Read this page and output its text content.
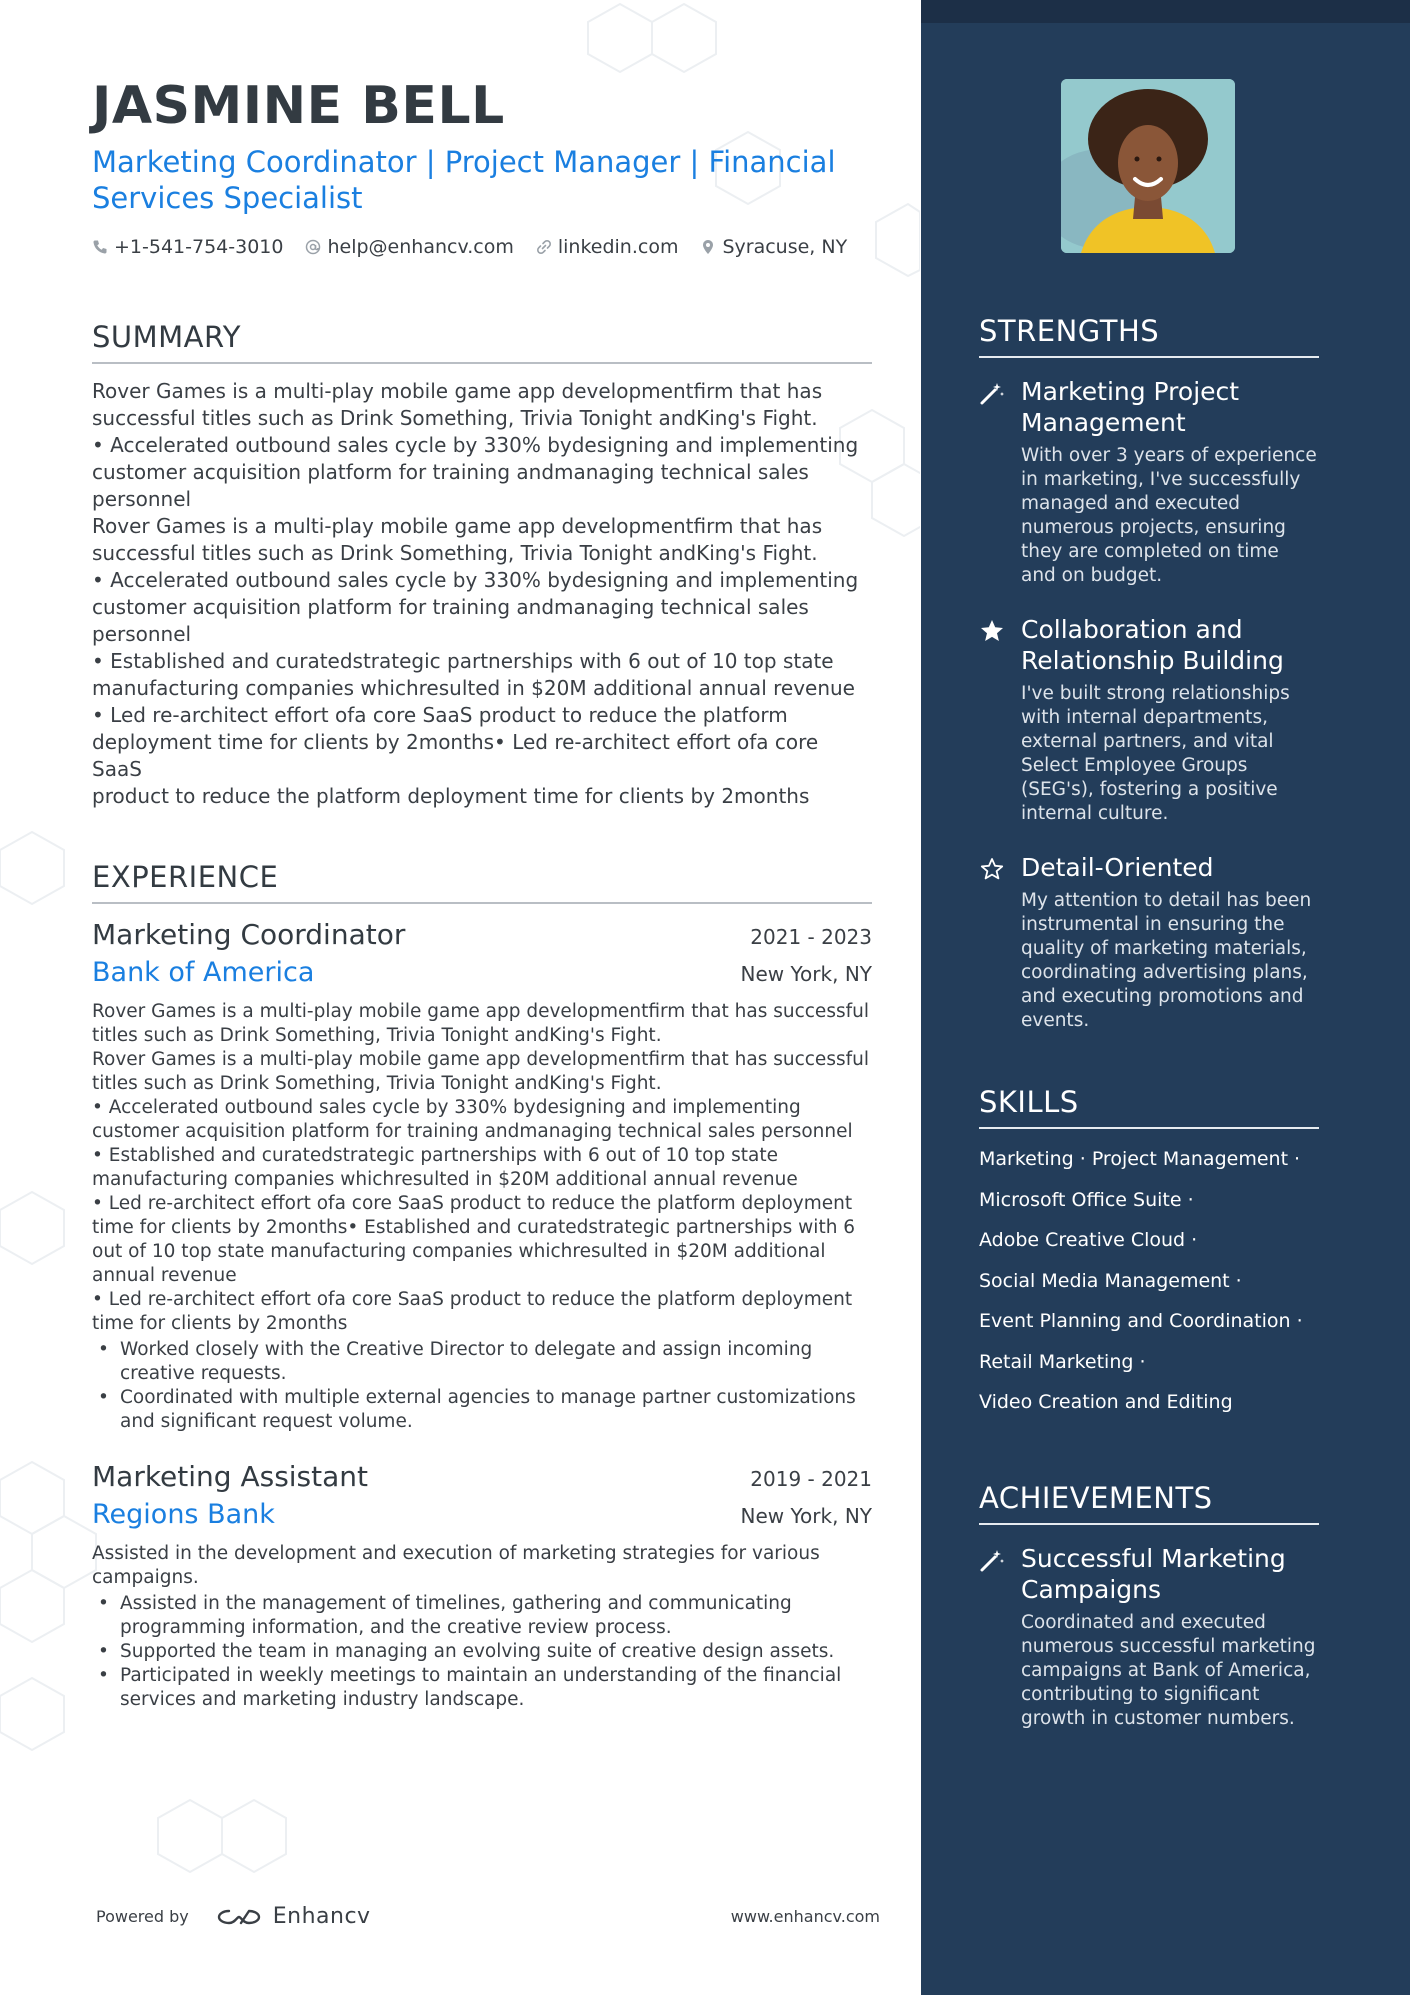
JASMINE BELL
Marketing Coordinator | Project Manager | Financial
Services Specialist
+1-541-754-3010 help@enhancv.com linkedin.com Syracuse, NY
SUMMARY
Rover Games is a multi-play mobile game app developmentfirm that has
successful titles such as Drink Something, Trivia Tonight andKing's Fight.
• Accelerated outbound sales cycle by 330% bydesigning and implementing
customer acquisition platform for training andmanaging technical sales
personnel
Rover Games is a multi-play mobile game app developmentfirm that has
successful titles such as Drink Something, Trivia Tonight andKing's Fight.
• Accelerated outbound sales cycle by 330% bydesigning and implementing
customer acquisition platform for training andmanaging technical sales
personnel
• Established and curatedstrategic partnerships with 6 out of 10 top state
manufacturing companies whichresulted in $20M additional annual revenue
• Led re-architect effort ofa core SaaS product to reduce the platform
deployment time for clients by 2months• Led re-architect effort ofa core SaaS
product to reduce the platform deployment time for clients by 2months
EXPERIENCE
Marketing Coordinator	2021 - 2023
Bank of America	New York, NY
Rover Games is a multi-play mobile game app developmentfirm that has successful
titles such as Drink Something, Trivia Tonight andKing's Fight.
Rover Games is a multi-play mobile game app developmentfirm that has successful
titles such as Drink Something, Trivia Tonight andKing's Fight.
• Accelerated outbound sales cycle by 330% bydesigning and implementing
customer acquisition platform for training andmanaging technical sales personnel
• Established and curatedstrategic partnerships with 6 out of 10 top state
manufacturing companies whichresulted in $20M additional annual revenue
• Led re-architect effort ofa core SaaS product to reduce the platform deployment
time for clients by 2months• Established and curatedstrategic partnerships with 6
out of 10 top state manufacturing companies whichresulted in $20M additional
annual revenue
• Led re-architect effort ofa core SaaS product to reduce the platform deployment
time for clients by 2months
• Worked closely with the Creative Director to delegate and assign incoming creative requests.
• Coordinated with multiple external agencies to manage partner customizations and significant request volume.
Marketing Assistant	2019 - 2021
Regions Bank	New York, NY
Assisted in the development and execution of marketing strategies for various
campaigns.
• Assisted in the management of timelines, gathering and communicating programming information, and the creative review process.
• Supported the team in managing an evolving suite of creative design assets.
• Participated in weekly meetings to maintain an understanding of the financial services and marketing industry landscape.
Powered by	Enhancv	www.enhancv.com
STRENGTHS
Marketing Project Management
With over 3 years of experience in marketing, I've successfully managed and executed numerous projects, ensuring they are completed on time and on budget.
Collaboration and Relationship Building
I've built strong relationships with internal departments, external partners, and vital Select Employee Groups (SEG's), fostering a positive internal culture.
Detail-Oriented
My attention to detail has been instrumental in ensuring the quality of marketing materials, coordinating advertising plans, and executing promotions and events.
SKILLS
Marketing · Project Management ·
Microsoft Office Suite ·
Adobe Creative Cloud ·
Social Media Management ·
Event Planning and Coordination ·
Retail Marketing ·
Video Creation and Editing
ACHIEVEMENTS
Successful Marketing Campaigns
Coordinated and executed numerous successful marketing campaigns at Bank of America, contributing to significant growth in customer numbers.
